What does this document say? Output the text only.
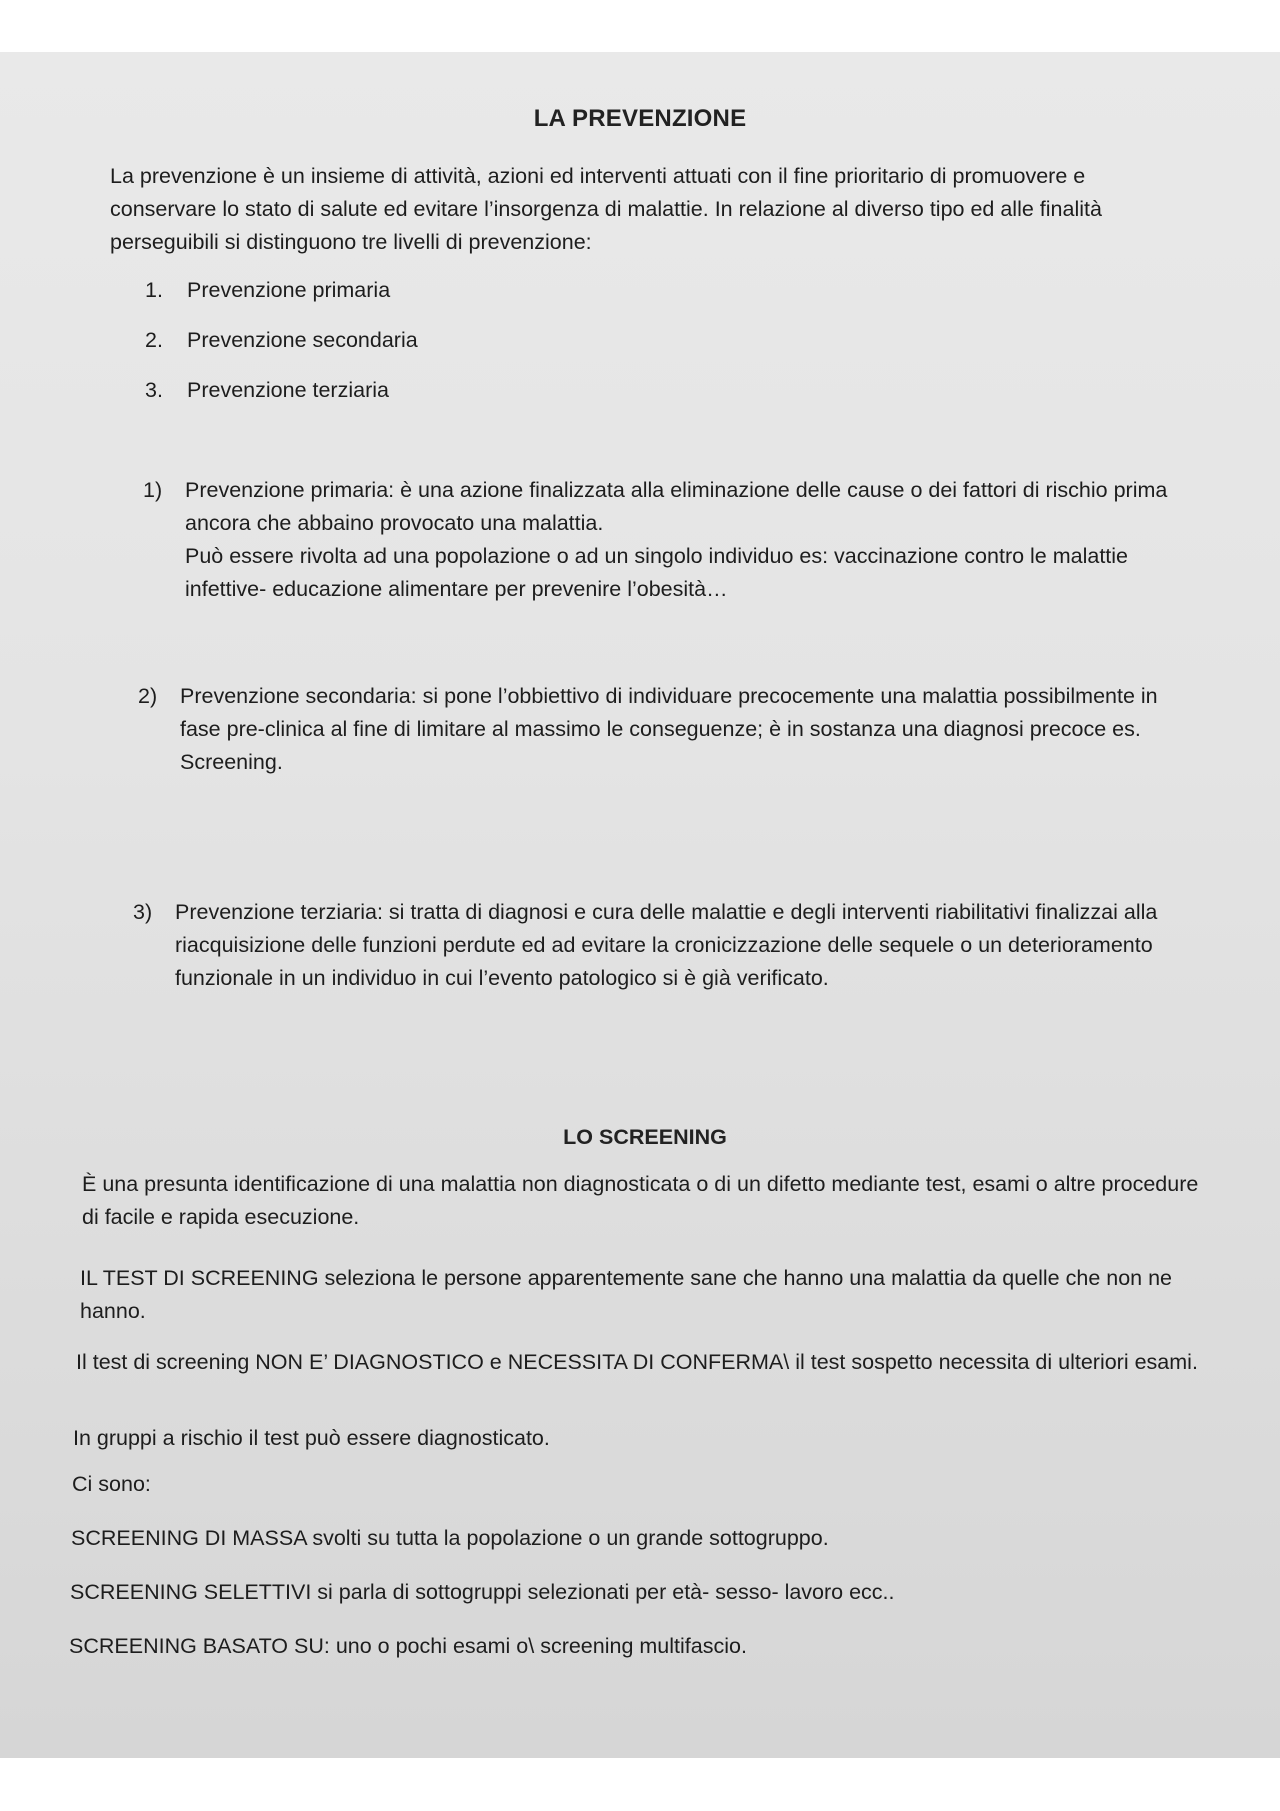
LA PREVENZIONE

La prevenzione è un insieme di attività, azioni ed interventi attuati con il fine prioritario di promuovere e conservare lo stato di salute ed evitare l’insorgenza di malattie. In relazione al diverso tipo ed alle finalità perseguibili si distinguono tre livelli di prevenzione:

1. Prevenzione primaria
2. Prevenzione secondaria
3. Prevenzione terziaria
1) Prevenzione primaria: è una azione finalizzata alla eliminazione delle cause o dei fattori di rischio prima ancora che abbaino provocato una malattia.

Può essere rivolta ad una popolazione o ad un singolo individuo es: vaccinazione contro le malattie infettive- educazione alimentare per prevenire l’obesità…

2) Prevenzione secondaria: si pone l’obbiettivo di individuare precocemente una malattia possibilmente in fase pre-clinica al fine di limitare al massimo le conseguenze; è in sostanza una diagnosi precoce es. Screening.

3) Prevenzione terziaria: si tratta di diagnosi e cura delle malattie e degli interventi riabilitativi finalizzai alla riacquisizione delle funzioni perdute ed ad evitare la cronicizzazione delle sequele o un deterioramento funzionale in un individuo in cui l’evento patologico si è già verificato.

LO SCREENING

È una presunta identificazione di una malattia non diagnosticata o di un difetto mediante test, esami o altre procedure di facile e rapida esecuzione.

IL TEST DI SCREENING seleziona le persone apparentemente sane che hanno una malattia da quelle che non ne hanno.

Il test di screening NON E’ DIAGNOSTICO e NECESSITA DI CONFERMA\ il test sospetto necessita di ulteriori esami.

In gruppi a rischio il test può essere diagnosticato.

Ci sono:

SCREENING DI MASSA svolti su tutta la popolazione o un grande sottogruppo.

SCREENING SELETTIVI si parla di sottogruppi selezionati per età- sesso- lavoro ecc..

SCREENING BASATO SU: uno o pochi esami o\ screening multifascio.
